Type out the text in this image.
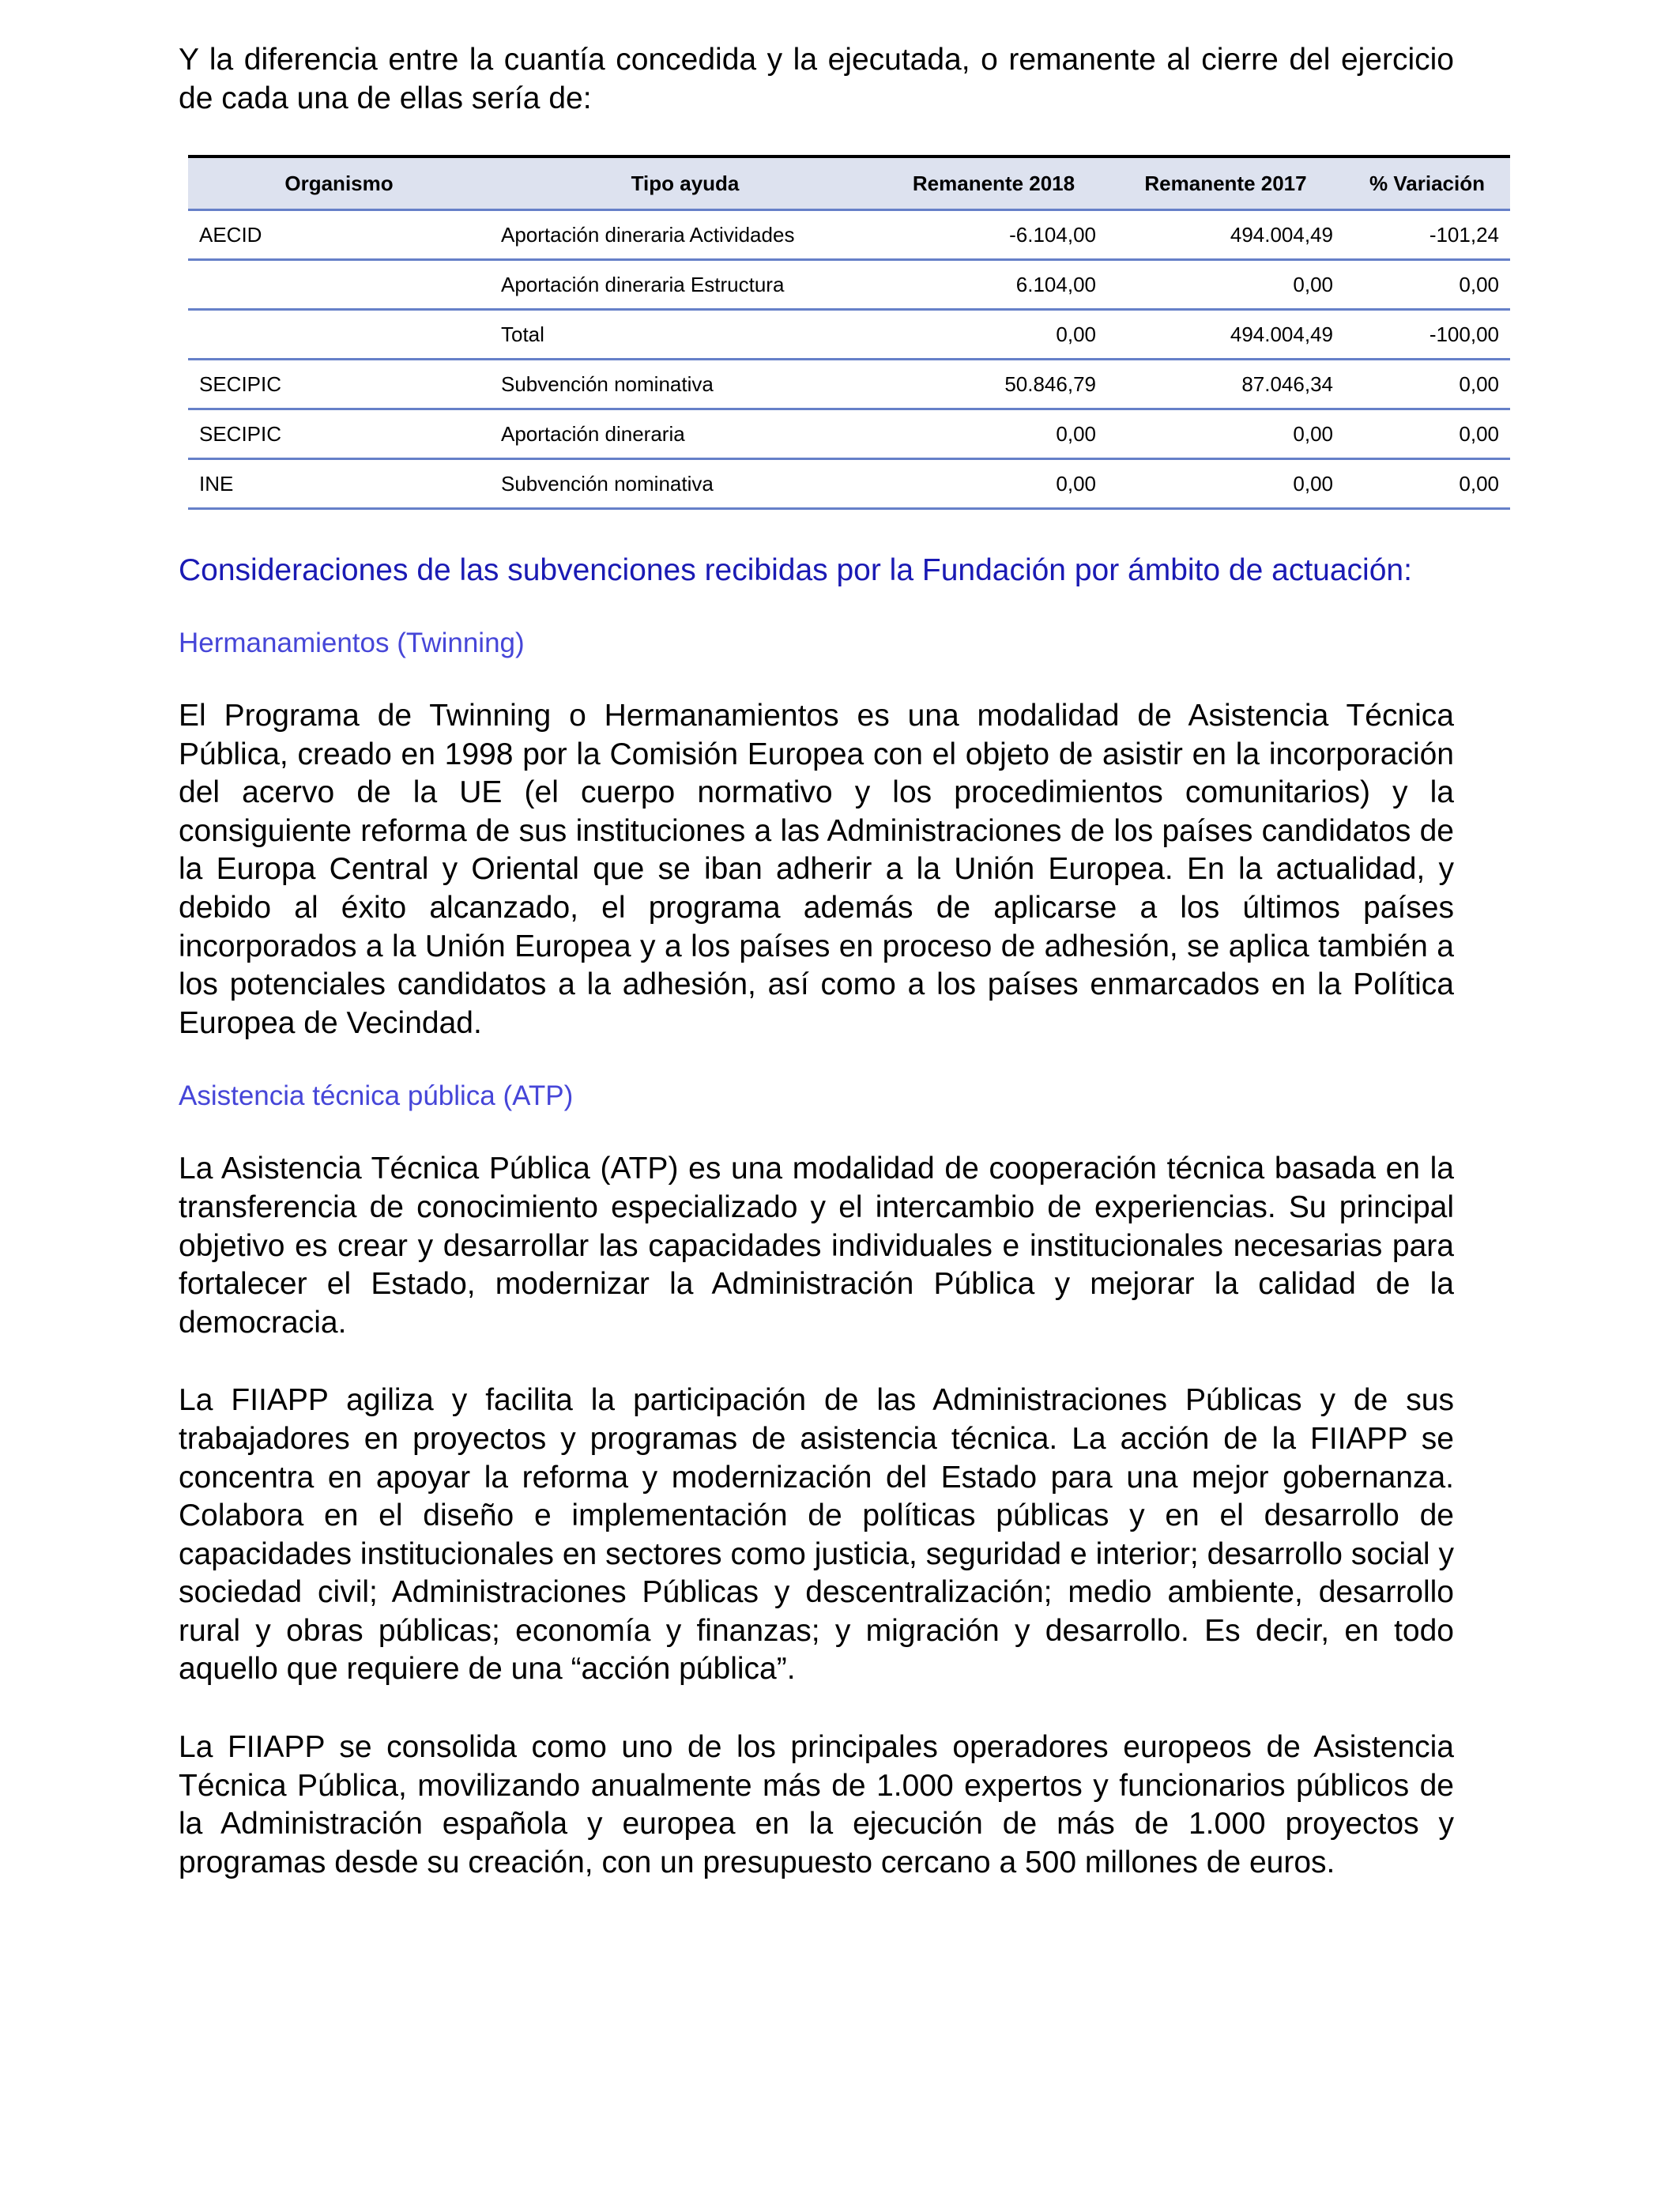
Y la diferencia entre la cuantía concedida y la ejecutada, o remanente al cierre del ejercicio de cada una de ellas sería de:

Organismo	Tipo ayuda	Remanente 2018	Remanente 2017	% Variación
AECID	Aportación dineraria Actividades	-6.104,00	494.004,49	-101,24
	Aportación dineraria Estructura	6.104,00	0,00	0,00
	Total	0,00	494.004,49	-100,00
SECIPIC	Subvención nominativa	50.846,79	87.046,34	0,00
SECIPIC	Aportación dineraria	0,00	0,00	0,00
INE	Subvención nominativa	0,00	0,00	0,00
Consideraciones de las subvenciones recibidas por la Fundación por ámbito de actuación:
Hermanamientos (Twinning)

El Programa de Twinning o Hermanamientos es una modalidad de Asistencia Técnica Pública, creado en 1998 por la Comisión Europea con el objeto de asistir en la incorporación del acervo de la UE (el cuerpo normativo y los procedimientos comunitarios) y la consiguiente reforma de sus instituciones a las Administraciones de los países candidatos de la Europa Central y Oriental que se iban adherir a la Unión Europea. En la actualidad, y debido al éxito alcanzado, el programa además de aplicarse a los últimos países incorporados a la Unión Europea y a los países en proceso de adhesión, se aplica también a los potenciales candidatos a la adhesión, así como a los países enmarcados en la Política Europea de Vecindad.

Asistencia técnica pública (ATP)

La Asistencia Técnica Pública (ATP) es una modalidad de cooperación técnica basada en la transferencia de conocimiento especializado y el intercambio de experiencias. Su principal objetivo es crear y desarrollar las capacidades individuales e institucionales necesarias para fortalecer el Estado, modernizar la Administración Pública y mejorar la calidad de la democracia.

La FIIAPP agiliza y facilita la participación de las Administraciones Públicas y de sus trabajadores en proyectos y programas de asistencia técnica. La acción de la FIIAPP se concentra en apoyar la reforma y modernización del Estado para una mejor gobernanza. Colabora en el diseño e implementación de políticas públicas y en el desarrollo de capacidades institucionales en sectores como justicia, seguridad e interior; desarrollo social y sociedad civil; Administraciones Públicas y descentralización; medio ambiente, desarrollo rural y obras públicas; economía y finanzas; y migración y desarrollo. Es decir, en todo aquello que requiere de una “acción pública”.

La FIIAPP se consolida como uno de los principales operadores europeos de Asistencia Técnica Pública, movilizando anualmente más de 1.000 expertos y funcionarios públicos de la Administración española y europea en la ejecución de más de 1.000 proyectos y programas desde su creación, con un presupuesto cercano a 500 millones de euros.
